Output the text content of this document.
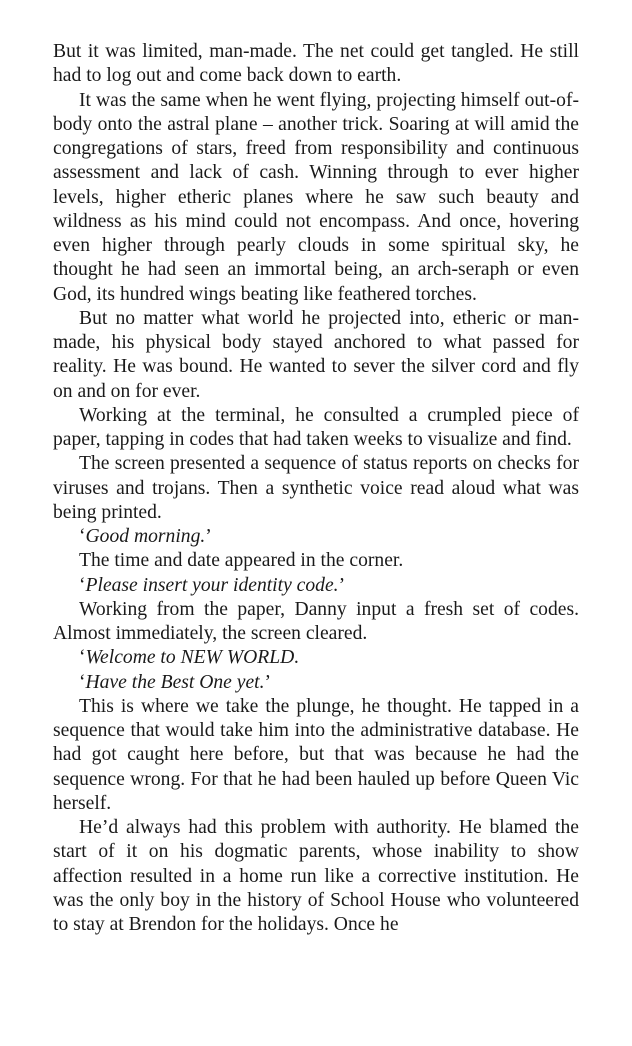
But it was limited, man-made. The net could get tangled. He still had to log out and come back down to earth.

It was the same when he went flying, projecting himself out-of-body onto the astral plane – another trick. Soaring at will amid the congregations of stars, freed from responsibility and continuous assessment and lack of cash. Winning through to ever higher levels, higher etheric planes where he saw such beauty and wildness as his mind could not encompass. And once, hovering even higher through pearly clouds in some spiritual sky, he thought he had seen an immortal being, an arch-seraph or even God, its hundred wings beating like feathered torches.

But no matter what world he projected into, etheric or man-made, his physical body stayed anchored to what passed for reality. He was bound. He wanted to sever the silver cord and fly on and on for ever.

Working at the terminal, he consulted a crumpled piece of paper, tapping in codes that had taken weeks to visualize and find.

The screen presented a sequence of status reports on checks for viruses and trojans. Then a synthetic voice read aloud what was being printed.

‘Good morning.’

The time and date appeared in the corner.

‘Please insert your identity code.’

Working from the paper, Danny input a fresh set of codes. Almost immediately, the screen cleared.

‘Welcome to NEW WORLD.

‘Have the Best One yet.’

This is where we take the plunge, he thought. He tapped in a sequence that would take him into the administrative database. He had got caught here before, but that was because he had the sequence wrong. For that he had been hauled up before Queen Vic herself.

He’d always had this problem with authority. He blamed the start of it on his dogmatic parents, whose inability to show affection resulted in a home run like a corrective institution. He was the only boy in the history of School House who volunteered to stay at Brendon for the holidays. Once he
